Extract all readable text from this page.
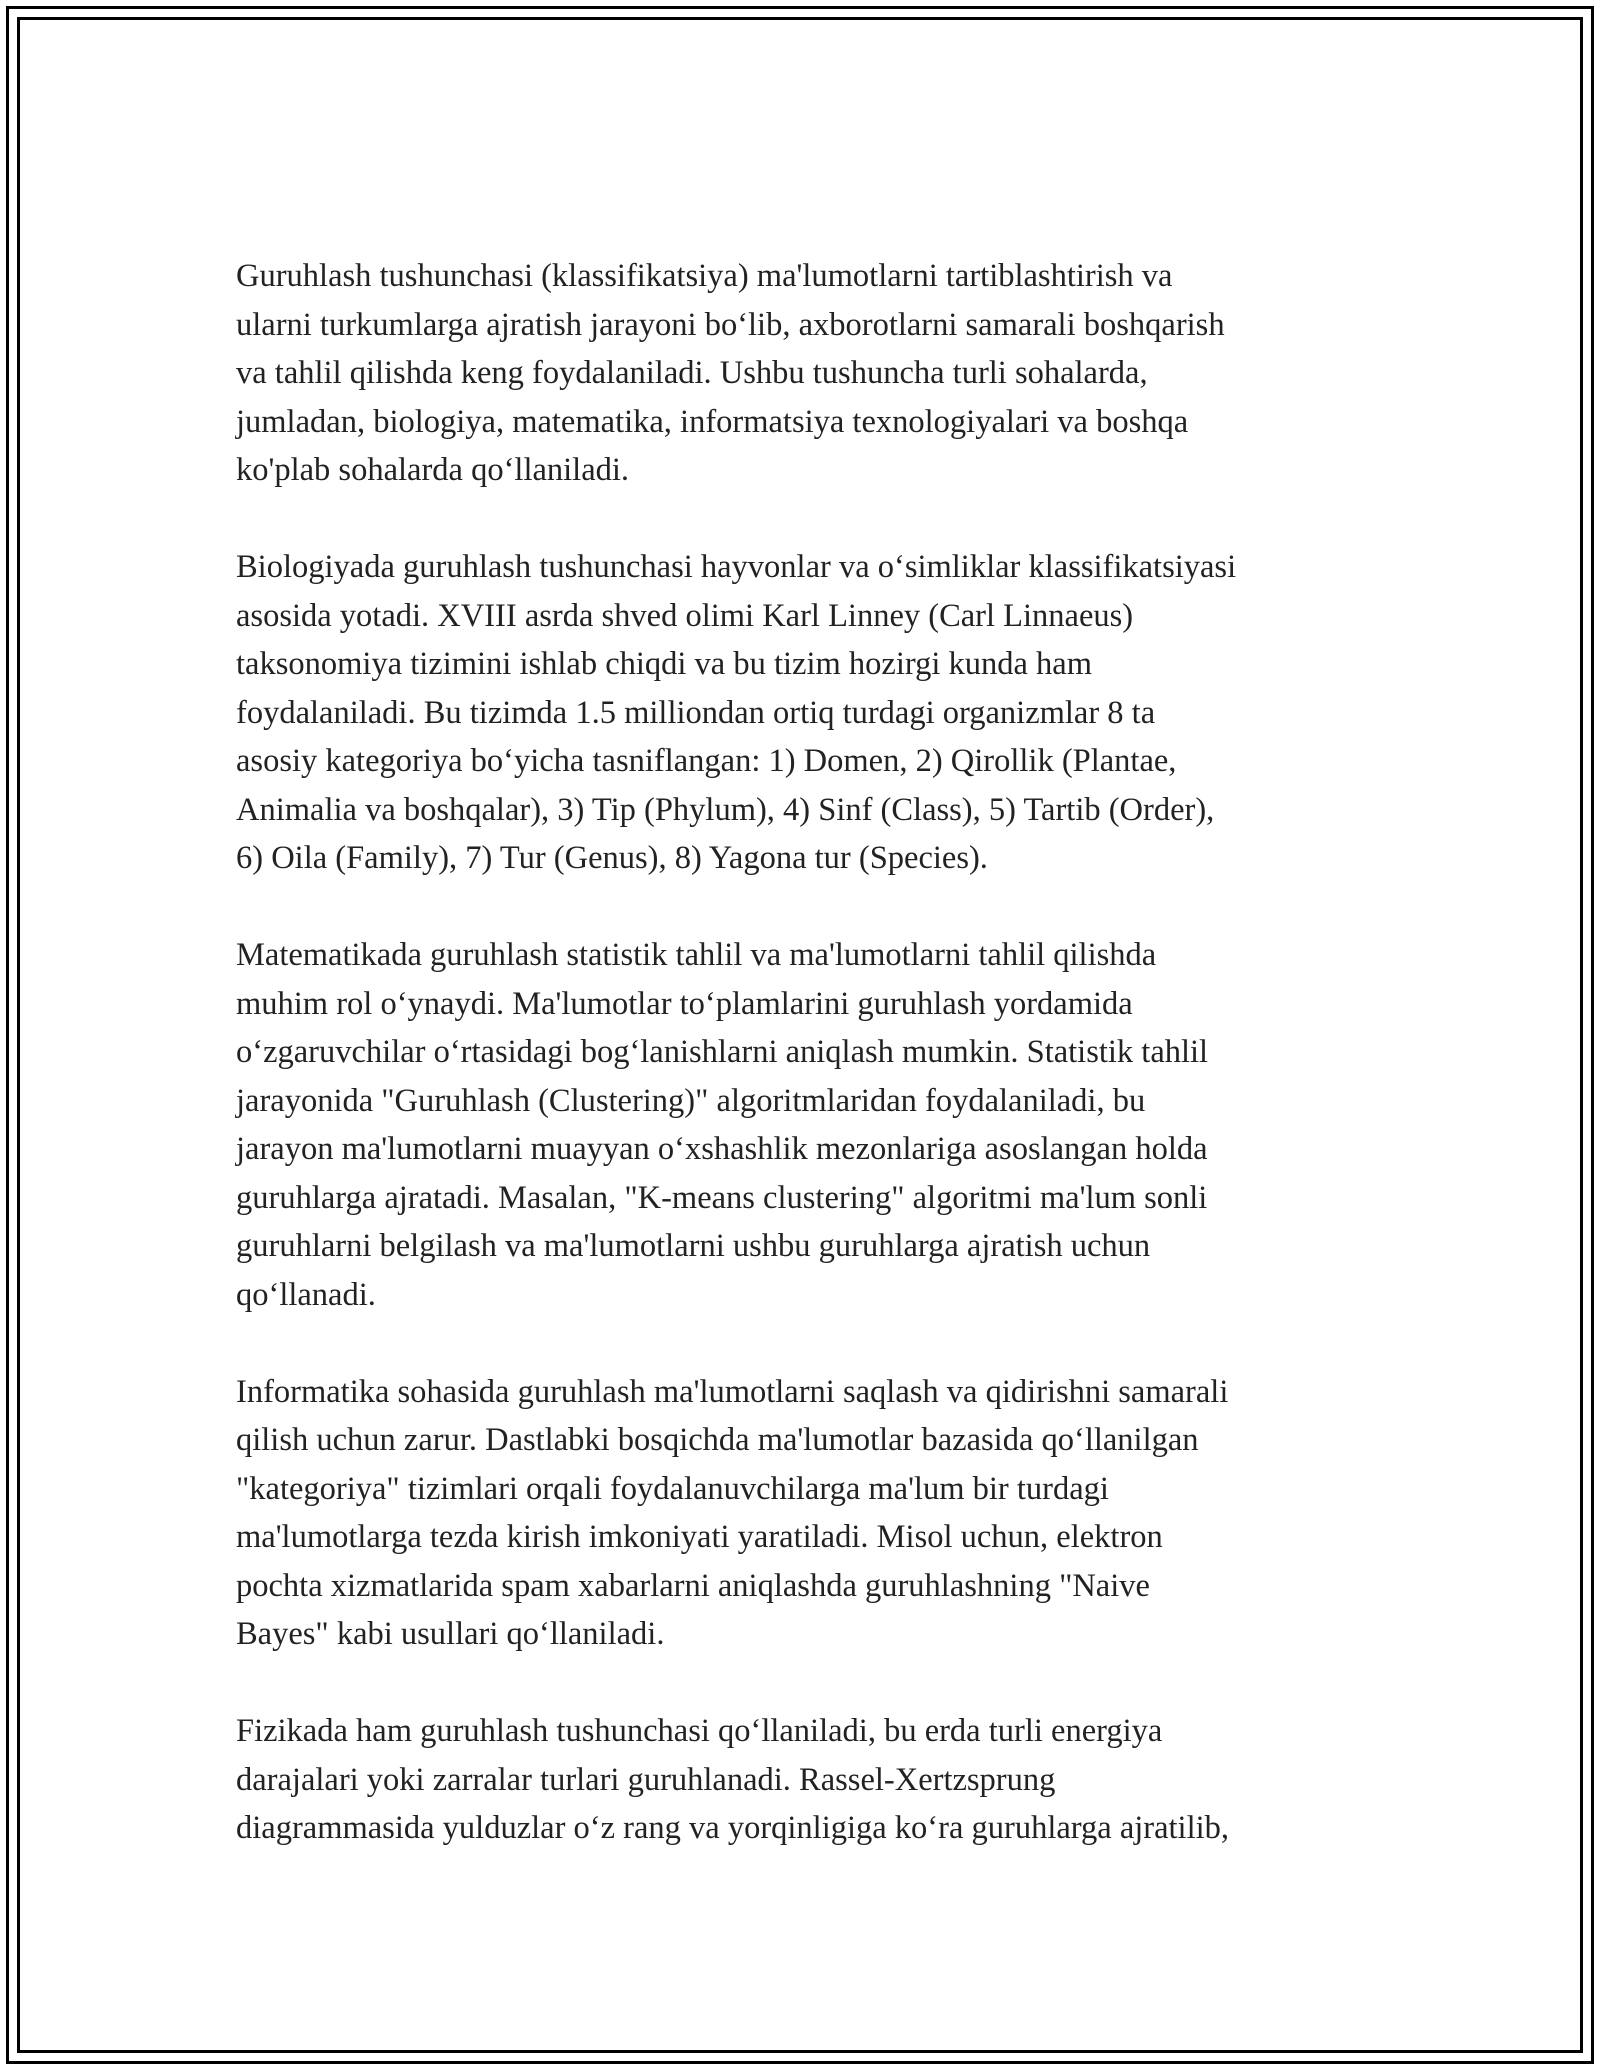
Guruhlash tushunchasi (klassifikatsiya) ma'lumotlarni tartiblashtirish va
ularni turkumlarga ajratish jarayoni bo‘lib, axborotlarni samarali boshqarish
va tahlil qilishda keng foydalaniladi. Ushbu tushuncha turli sohalarda,
jumladan, biologiya, matematika, informatsiya texnologiyalari va boshqa
ko'plab sohalarda qo‘llaniladi.

Biologiyada guruhlash tushunchasi hayvonlar va o‘simliklar klassifikatsiyasi
asosida yotadi. XVIII asrda shved olimi Karl Linney (Carl Linnaeus)
taksonomiya tizimini ishlab chiqdi va bu tizim hozirgi kunda ham
foydalaniladi. Bu tizimda 1.5 milliondan ortiq turdagi organizmlar 8 ta
asosiy kategoriya bo‘yicha tasniflangan: 1) Domen, 2) Qirollik (Plantae,
Animalia va boshqalar), 3) Tip (Phylum), 4) Sinf (Class), 5) Tartib (Order),
6) Oila (Family), 7) Tur (Genus), 8) Yagona tur (Species).

Matematikada guruhlash statistik tahlil va ma'lumotlarni tahlil qilishda
muhim rol o‘ynaydi. Ma'lumotlar to‘plamlarini guruhlash yordamida
o‘zgaruvchilar o‘rtasidagi bog‘lanishlarni aniqlash mumkin. Statistik tahlil
jarayonida "Guruhlash (Clustering)" algoritmlaridan foydalaniladi, bu
jarayon ma'lumotlarni muayyan o‘xshashlik mezonlariga asoslangan holda
guruhlarga ajratadi. Masalan, "K-means clustering" algoritmi ma'lum sonli
guruhlarni belgilash va ma'lumotlarni ushbu guruhlarga ajratish uchun
qo‘llanadi.

Informatika sohasida guruhlash ma'lumotlarni saqlash va qidirishni samarali
qilish uchun zarur. Dastlabki bosqichda ma'lumotlar bazasida qo‘llanilgan
"kategoriya" tizimlari orqali foydalanuvchilarga ma'lum bir turdagi
ma'lumotlarga tezda kirish imkoniyati yaratiladi. Misol uchun, elektron
pochta xizmatlarida spam xabarlarni aniqlashda guruhlashning "Naive
Bayes" kabi usullari qo‘llaniladi.

Fizikada ham guruhlash tushunchasi qo‘llaniladi, bu erda turli energiya
darajalari yoki zarralar turlari guruhlanadi. Rassel-Xertzsprung
diagrammasida yulduzlar o‘z rang va yorqinligiga ko‘ra guruhlarga ajratilib,
